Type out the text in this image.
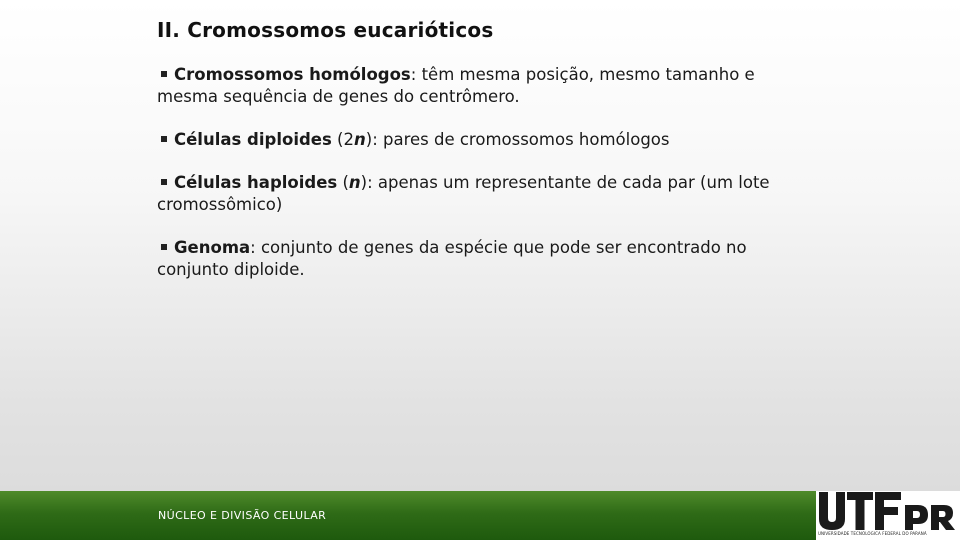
II. Cromossomos eucarióticos
Cromossomos homólogos: têm mesma posição, mesmo tamanho e mesma sequência de genes do centrômero.
Células diploides (2n): pares de cromossomos homólogos
Células haploides (n): apenas um representante de cada par (um lote cromossômico)
Genoma: conjunto de genes da espécie que pode ser encontrado no conjunto diploide.
NÚCLEO E DIVISÃO CELULAR
UNIVERSIDADE TECNOLÓGICA FEDERAL DO PARANÁ
